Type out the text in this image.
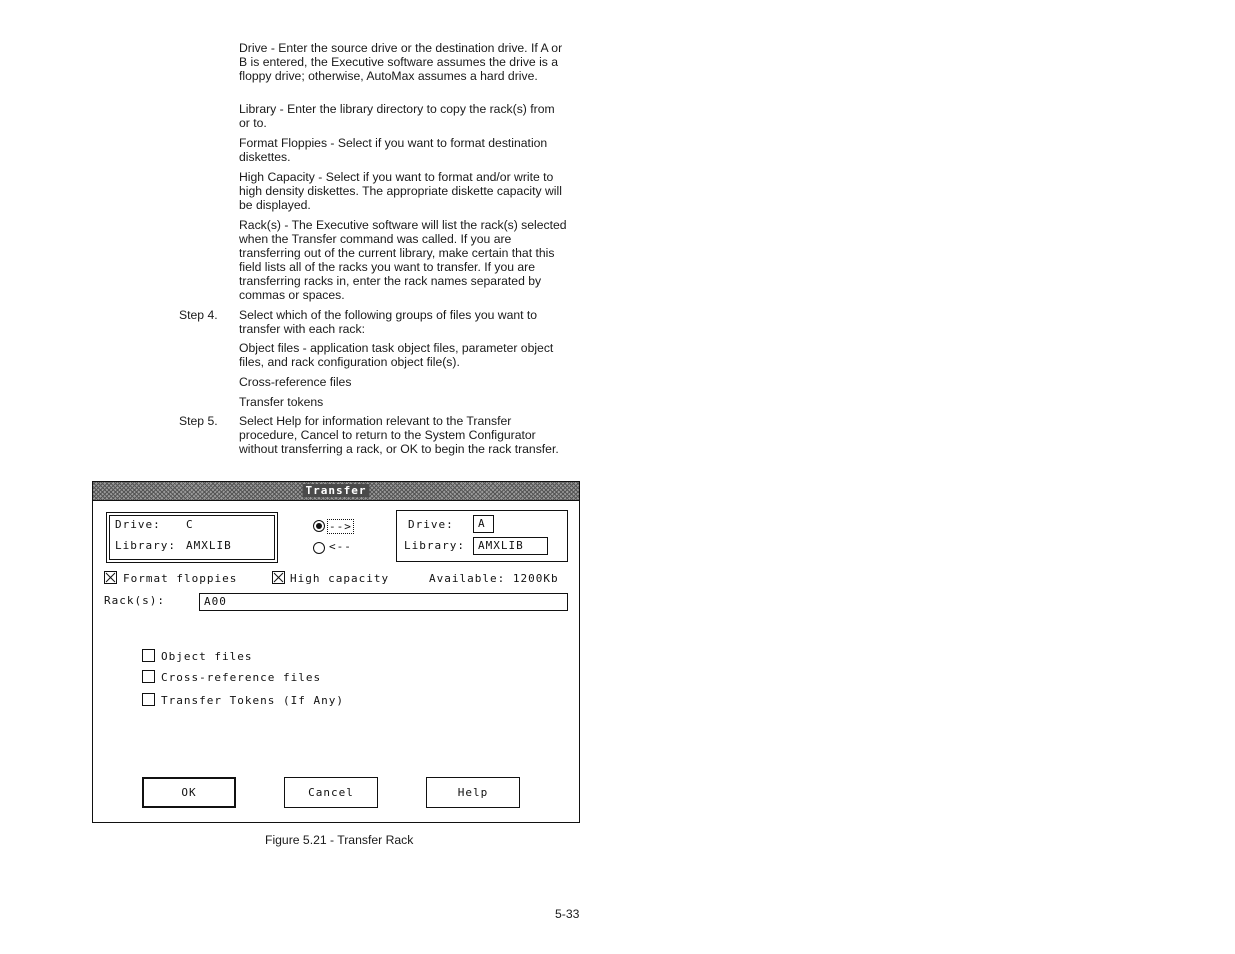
Drive - Enter the source drive or the destination drive. If A or B is entered, the Executive software assumes the drive is a floppy drive; otherwise, AutoMax assumes a hard drive.

Library - Enter the library directory to copy the rack(s) from or to.

Format Floppies - Select if you want to format destination diskettes.

High Capacity - Select if you want to format and/or write to high density diskettes. The appropriate diskette capacity will be displayed.

Rack(s) - The Executive software will list the rack(s) selected when the Transfer command was called. If you are transferring out of the current library, make certain that this field lists all of the racks you want to transfer. If you are transferring racks in, enter the rack names separated by commas or spaces.

Step 4. Select which of the following groups of files you want to transfer with each rack:

Object files - application task object files, parameter object files, and rack configuration object file(s).

Cross-reference files

Transfer tokens

Step 5. Select Help for information relevant to the Transfer procedure, Cancel to return to the System Configurator without transferring a rack, or OK to begin the rack transfer.

Transfer
Drive: C
Library: AMXLIB
-->
<--
Drive: A
Library: AMXLIB
Format floppies	High capacity	Available: 1200Kb
Rack(s):	A00
Object files
Cross-reference files
Transfer Tokens (If Any)
OK	Cancel	Help
Figure 5.21 - Transfer Rack
5-33
